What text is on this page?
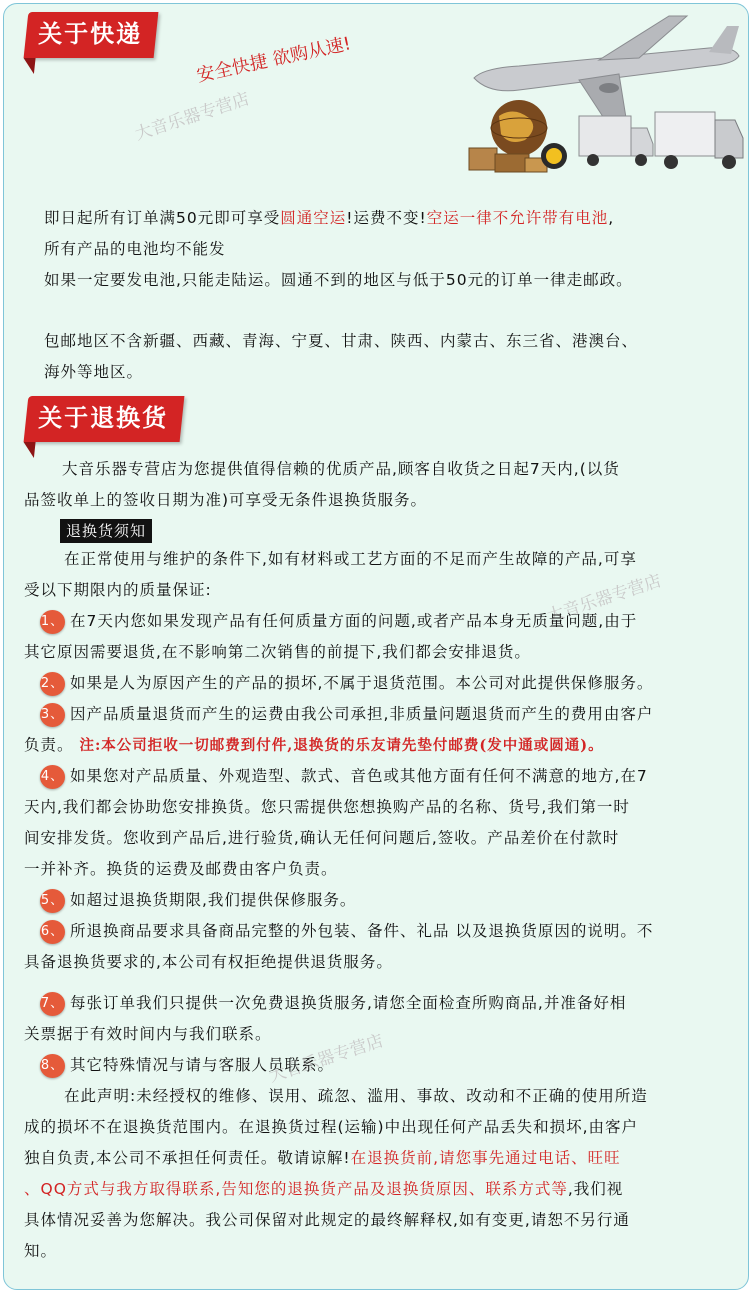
关于快递	安全快捷 欲购从速!
大音乐器专营店

即日起所有订单满50元即可享受圆通空运!运费不变!空运一律不允许带有电池,

所有产品的电池均不能发

如果一定要发电池,只能走陆运。圆通不到的地区与低于50元的订单一律走邮政。

包邮地区不含新疆、西藏、青海、宁夏、甘肃、陕西、内蒙古、东三省、港澳台、

海外等地区。

关于退换货
大音乐器专营店
大音乐器专营店

大音乐器专营店为您提供值得信赖的优质产品,顾客自收货之日起7天内,(以货

品签收单上的签收日期为准)可享受无条件退换货服务。

退换货须知

在正常使用与维护的条件下,如有材料或工艺方面的不足而产生故障的产品,可享

受以下期限内的质量保证:

1、 在7天内您如果发现产品有任何质量方面的问题,或者产品本身无质量问题,由于

其它原因需要退货,在不影响第二次销售的前提下,我们都会安排退货。

2、 如果是人为原因产生的产品的损坏,不属于退货范围。本公司对此提供保修服务。

3、 因产品质量退货而产生的运费由我公司承担,非质量问题退货而产生的费用由客户

负责。 注:本公司拒收一切邮费到付件,退换货的乐友请先垫付邮费(发中通或圆通)。

4、 如果您对产品质量、外观造型、款式、音色或其他方面有任何不满意的地方,在7

天内,我们都会协助您安排换货。您只需提供您想换购产品的名称、货号,我们第一时

间安排发货。您收到产品后,进行验货,确认无任何问题后,签收。产品差价在付款时

一并补齐。换货的运费及邮费由客户负责。

5、 如超过退换货期限,我们提供保修服务。

6、 所退换商品要求具备商品完整的外包装、备件、礼品 以及退换货原因的说明。不

具备退换货要求的,本公司有权拒绝提供退货服务。

7、 每张订单我们只提供一次免费退换货服务,请您全面检查所购商品,并准备好相

关票据于有效时间内与我们联系。

8、 其它特殊情况与请与客服人员联系。

在此声明:未经授权的维修、误用、疏忽、滥用、事故、改动和不正确的使用所造

成的损坏不在退换货范围内。在退换货过程(运输)中出现任何产品丢失和损坏,由客户

独自负责,本公司不承担任何责任。敬请谅解!在退换货前,请您事先通过电话、旺旺

、QQ方式与我方取得联系,告知您的退换货产品及退换货原因、联系方式等,我们视

具体情况妥善为您解决。我公司保留对此规定的最终解释权,如有变更,请恕不另行通

知。
